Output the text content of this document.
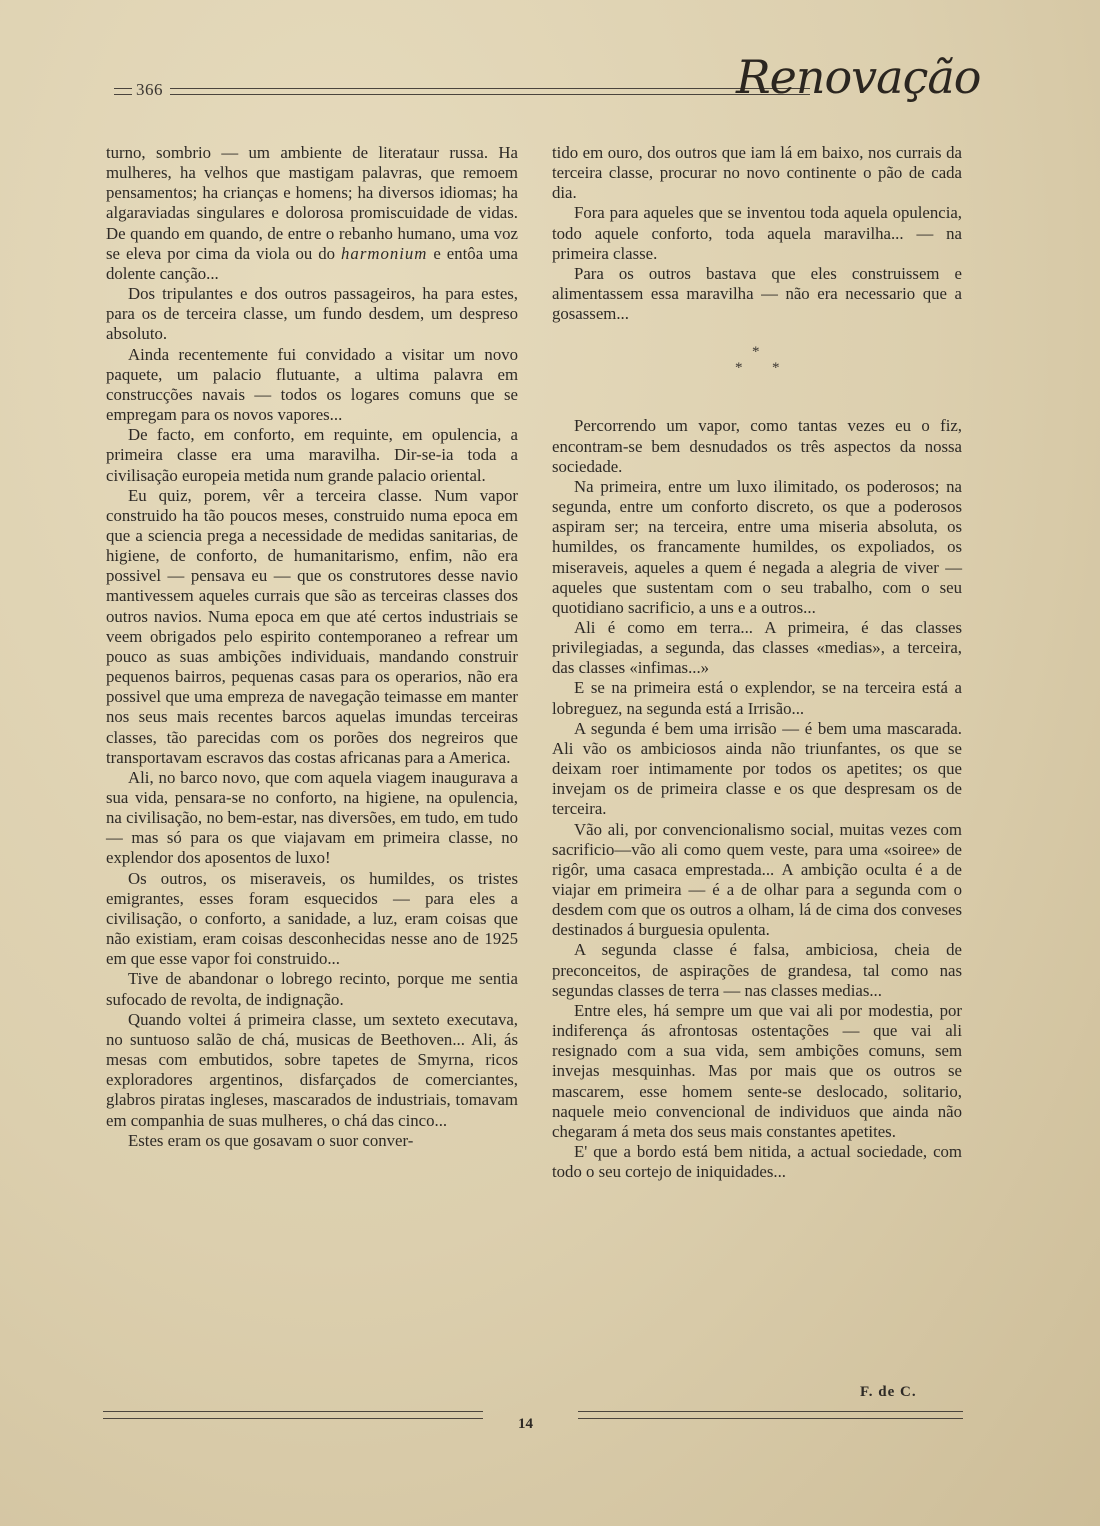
366	Renovação

turno, sombrio — um ambiente de literataur russa. Ha mulheres, ha velhos que mastigam palavras, que remoem pensamentos; ha crianças e homens; ha diversos idiomas; ha algaraviadas singulares e dolorosa promiscuidade de vidas. De quando em quando, de entre o rebanho humano, uma voz se eleva por cima da viola ou do harmonium e entôa uma dolente canção...

Dos tripulantes e dos outros passageiros, ha para estes, para os de terceira classe, um fundo desdem, um despreso absoluto.

Ainda recentemente fui convidado a visitar um novo paquete, um palacio flutuante, a ultima palavra em construcções navais — todos os logares comuns que se empregam para os novos vapores...

De facto, em conforto, em requinte, em opulencia, a primeira classe era uma maravilha. Dir-se-ia toda a civilisação europeia metida num grande palacio oriental.

Eu quiz, porem, vêr a terceira classe. Num vapor construido ha tão poucos meses, construido numa epoca em que a sciencia prega a necessidade de medidas sanitarias, de higiene, de conforto, de humanitarismo, enfim, não era possivel — pensava eu — que os construtores desse navio mantivessem aqueles currais que são as terceiras classes dos outros navios. Numa epoca em que até certos industriais se veem obrigados pelo espirito contemporaneo a refrear um pouco as suas ambições individuais, mandando construir pequenos bairros, pequenas casas para os operarios, não era possivel que uma empreza de navegação teimasse em manter nos seus mais recentes barcos aquelas imundas terceiras classes, tão parecidas com os porões dos negreiros que transportavam escravos das costas africanas para a America.

Ali, no barco novo, que com aquela viagem inaugurava a sua vida, pensara-se no conforto, na higiene, na opulencia, na civilisação, no bem-estar, nas diversões, em tudo, em tudo — mas só para os que viajavam em primeira classe, no explendor dos aposentos de luxo!

Os outros, os miseraveis, os humildes, os tristes emigrantes, esses foram esquecidos — para eles a civilisação, o conforto, a sanidade, a luz, eram coisas que não existiam, eram coisas desconhecidas nesse ano de 1925 em que esse vapor foi construido...

Tive de abandonar o lobrego recinto, porque me sentia sufocado de revolta, de indignação.

Quando voltei á primeira classe, um sexteto executava, no suntuoso salão de chá, musicas de Beethoven... Ali, ás mesas com embutidos, sobre tapetes de Smyrna, ricos exploradores argentinos, disfarçados de comerciantes, glabros piratas ingleses, mascarados de industriais, tomavam em companhia de suas mulheres, o chá das cinco...

Estes eram os que gosavam o suor conver-

tido em ouro, dos outros que iam lá em baixo, nos currais da terceira classe, procurar no novo continente o pão de cada dia.

Fora para aqueles que se inventou toda aquela opulencia, todo aquele conforto, toda aquela maravilha... — na primeira classe.

Para os outros bastava que eles construissem e alimentassem essa maravilha — não era necessario que a gosassem...

*
* *

Percorrendo um vapor, como tantas vezes eu o fiz, encontram-se bem desnudados os três aspectos da nossa sociedade.

Na primeira, entre um luxo ilimitado, os poderosos; na segunda, entre um conforto discreto, os que a poderosos aspiram ser; na terceira, entre uma miseria absoluta, os humildes, os francamente humildes, os expoliados, os miseraveis, aqueles a quem é negada a alegria de viver — aqueles que sustentam com o seu trabalho, com o seu quotidiano sacrificio, a uns e a outros...

Ali é como em terra... A primeira, é das classes privilegiadas, a segunda, das classes «medias», a terceira, das classes «infimas...»

E se na primeira está o explendor, se na terceira está a lobreguez, na segunda está a Irrisão...

A segunda é bem uma irrisão — é bem uma mascarada. Ali vão os ambiciosos ainda não triunfantes, os que se deixam roer intimamente por todos os apetites; os que invejam os de primeira classe e os que despresam os de terceira.

Vão ali, por convencionalismo social, muitas vezes com sacrificio—vão ali como quem veste, para uma «soiree» de rigôr, uma casaca emprestada... A ambição oculta é a de viajar em primeira — é a de olhar para a segunda com o desdem com que os outros a olham, lá de cima dos conveses destinados á burguesia opulenta.

A segunda classe é falsa, ambiciosa, cheia de preconceitos, de aspirações de grandesa, tal como nas segundas classes de terra — nas classes medias...

Entre eles, há sempre um que vai ali por modestia, por indiferença ás afrontosas ostentações — que vai ali resignado com a sua vida, sem ambições comuns, sem invejas mesquinhas. Mas por mais que os outros se mascarem, esse homem sente-se deslocado, solitario, naquele meio convencional de individuos que ainda não chegaram á meta dos seus mais constantes apetites.

E' que a bordo está bem nitida, a actual sociedade, com todo o seu cortejo de iniquidades...

F. de C.
14
